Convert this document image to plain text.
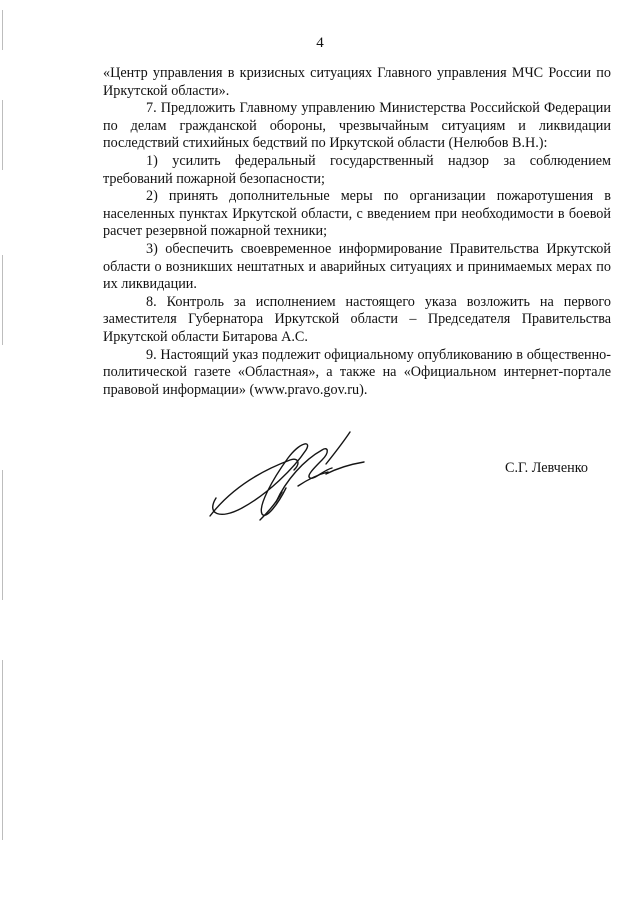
4

«Центр управления в кризисных ситуациях Главного управления МЧС России по Иркутской области».

7. Предложить Главному управлению Министерства Российской Федерации по делам гражданской обороны, чрезвычайным ситуациям и ликвидации последствий стихийных бедствий по Иркутской области (Нелюбов В.Н.):

1) усилить федеральный государственный надзор за соблюдением требований пожарной безопасности;

2) принять дополнительные меры по организации пожаротушения в населенных пунктах Иркутской области, с введением при необходимости в боевой расчет резервной пожарной техники;

3) обеспечить своевременное информирование Правительства Иркутской области о возникших нештатных и аварийных ситуациях и принимаемых мерах по их ликвидации.

8. Контроль за исполнением настоящего указа возложить на первого заместителя Губернатора Иркутской области – Председателя Правительства Иркутской области Битарова А.С.

9. Настоящий указ подлежит официальному опубликованию в общественно-политической газете «Областная», а также на «Официальном интернет-портале правовой информации» (www.pravo.gov.ru).

С.Г. Левченко
